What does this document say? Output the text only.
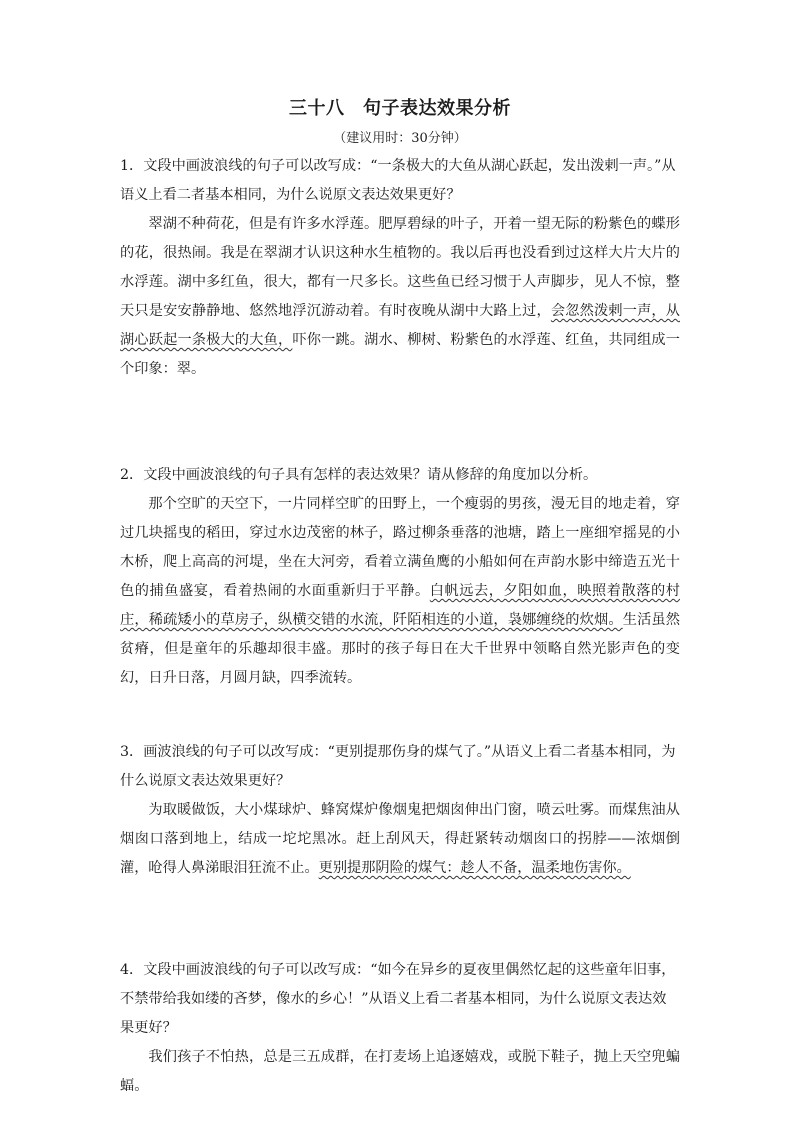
三十八　句子表达效果分析
（建议用时：30分钟）

1．文段中画波浪线的句子可以改写成：“一条极大的大鱼从湖心跃起，发出泼剌一声。”从语义上看二者基本相同，为什么说原文表达效果更好？

翠湖不种荷花，但是有许多水浮莲。肥厚碧绿的叶子，开着一望无际的粉紫色的蝶形的花，很热闹。我是在翠湖才认识这种水生植物的。我以后再也没看到过这样大片大片的水浮莲。湖中多红鱼，很大，都有一尺多长。这些鱼已经习惯于人声脚步，见人不惊，整天只是安安静静地、悠然地浮沉游动着。有时夜晚从湖中大路上过，会忽然泼剌一声，从湖心跃起一条极大的大鱼，吓你一跳。湖水、柳树、粉紫色的水浮莲、红鱼，共同组成一个印象：翠。

2．文段中画波浪线的句子具有怎样的表达效果？请从修辞的角度加以分析。

那个空旷的天空下，一片同样空旷的田野上，一个瘦弱的男孩，漫无目的地走着，穿过几块摇曳的稻田，穿过水边茂密的林子，路过柳条垂落的池塘，踏上一座细窄摇晃的小木桥，爬上高高的河堤，坐在大河旁，看着立满鱼鹰的小船如何在声韵水影中缔造五光十色的捕鱼盛宴，看着热闹的水面重新归于平静。白帆远去，夕阳如血，映照着散落的村庄，稀疏矮小的草房子，纵横交错的水流，阡陌相连的小道，袅娜缠绕的炊烟。生活虽然贫瘠，但是童年的乐趣却很丰盛。那时的孩子每日在大千世界中领略自然光影声色的变幻，日升日落，月圆月缺，四季流转。

3．画波浪线的句子可以改写成：“更别提那伤身的煤气了。”从语义上看二者基本相同，为什么说原文表达效果更好？

为取暖做饭，大小煤球炉、蜂窝煤炉像烟鬼把烟囱伸出门窗，喷云吐雾。而煤焦油从烟囱口落到地上，结成一坨坨黑冰。赶上刮风天，得赶紧转动烟囱口的拐脖——浓烟倒灌，呛得人鼻涕眼泪狂流不止。更别提那阴险的煤气：趁人不备，温柔地伤害你。

4．文段中画波浪线的句子可以改写成：“如今在异乡的夏夜里偶然忆起的这些童年旧事，不禁带给我如缕的吝梦，像水的乡心！”从语义上看二者基本相同，为什么说原文表达效果更好？

我们孩子不怕热，总是三五成群，在打麦场上追逐嬉戏，或脱下鞋子，抛上天空兜蝙蝠。
